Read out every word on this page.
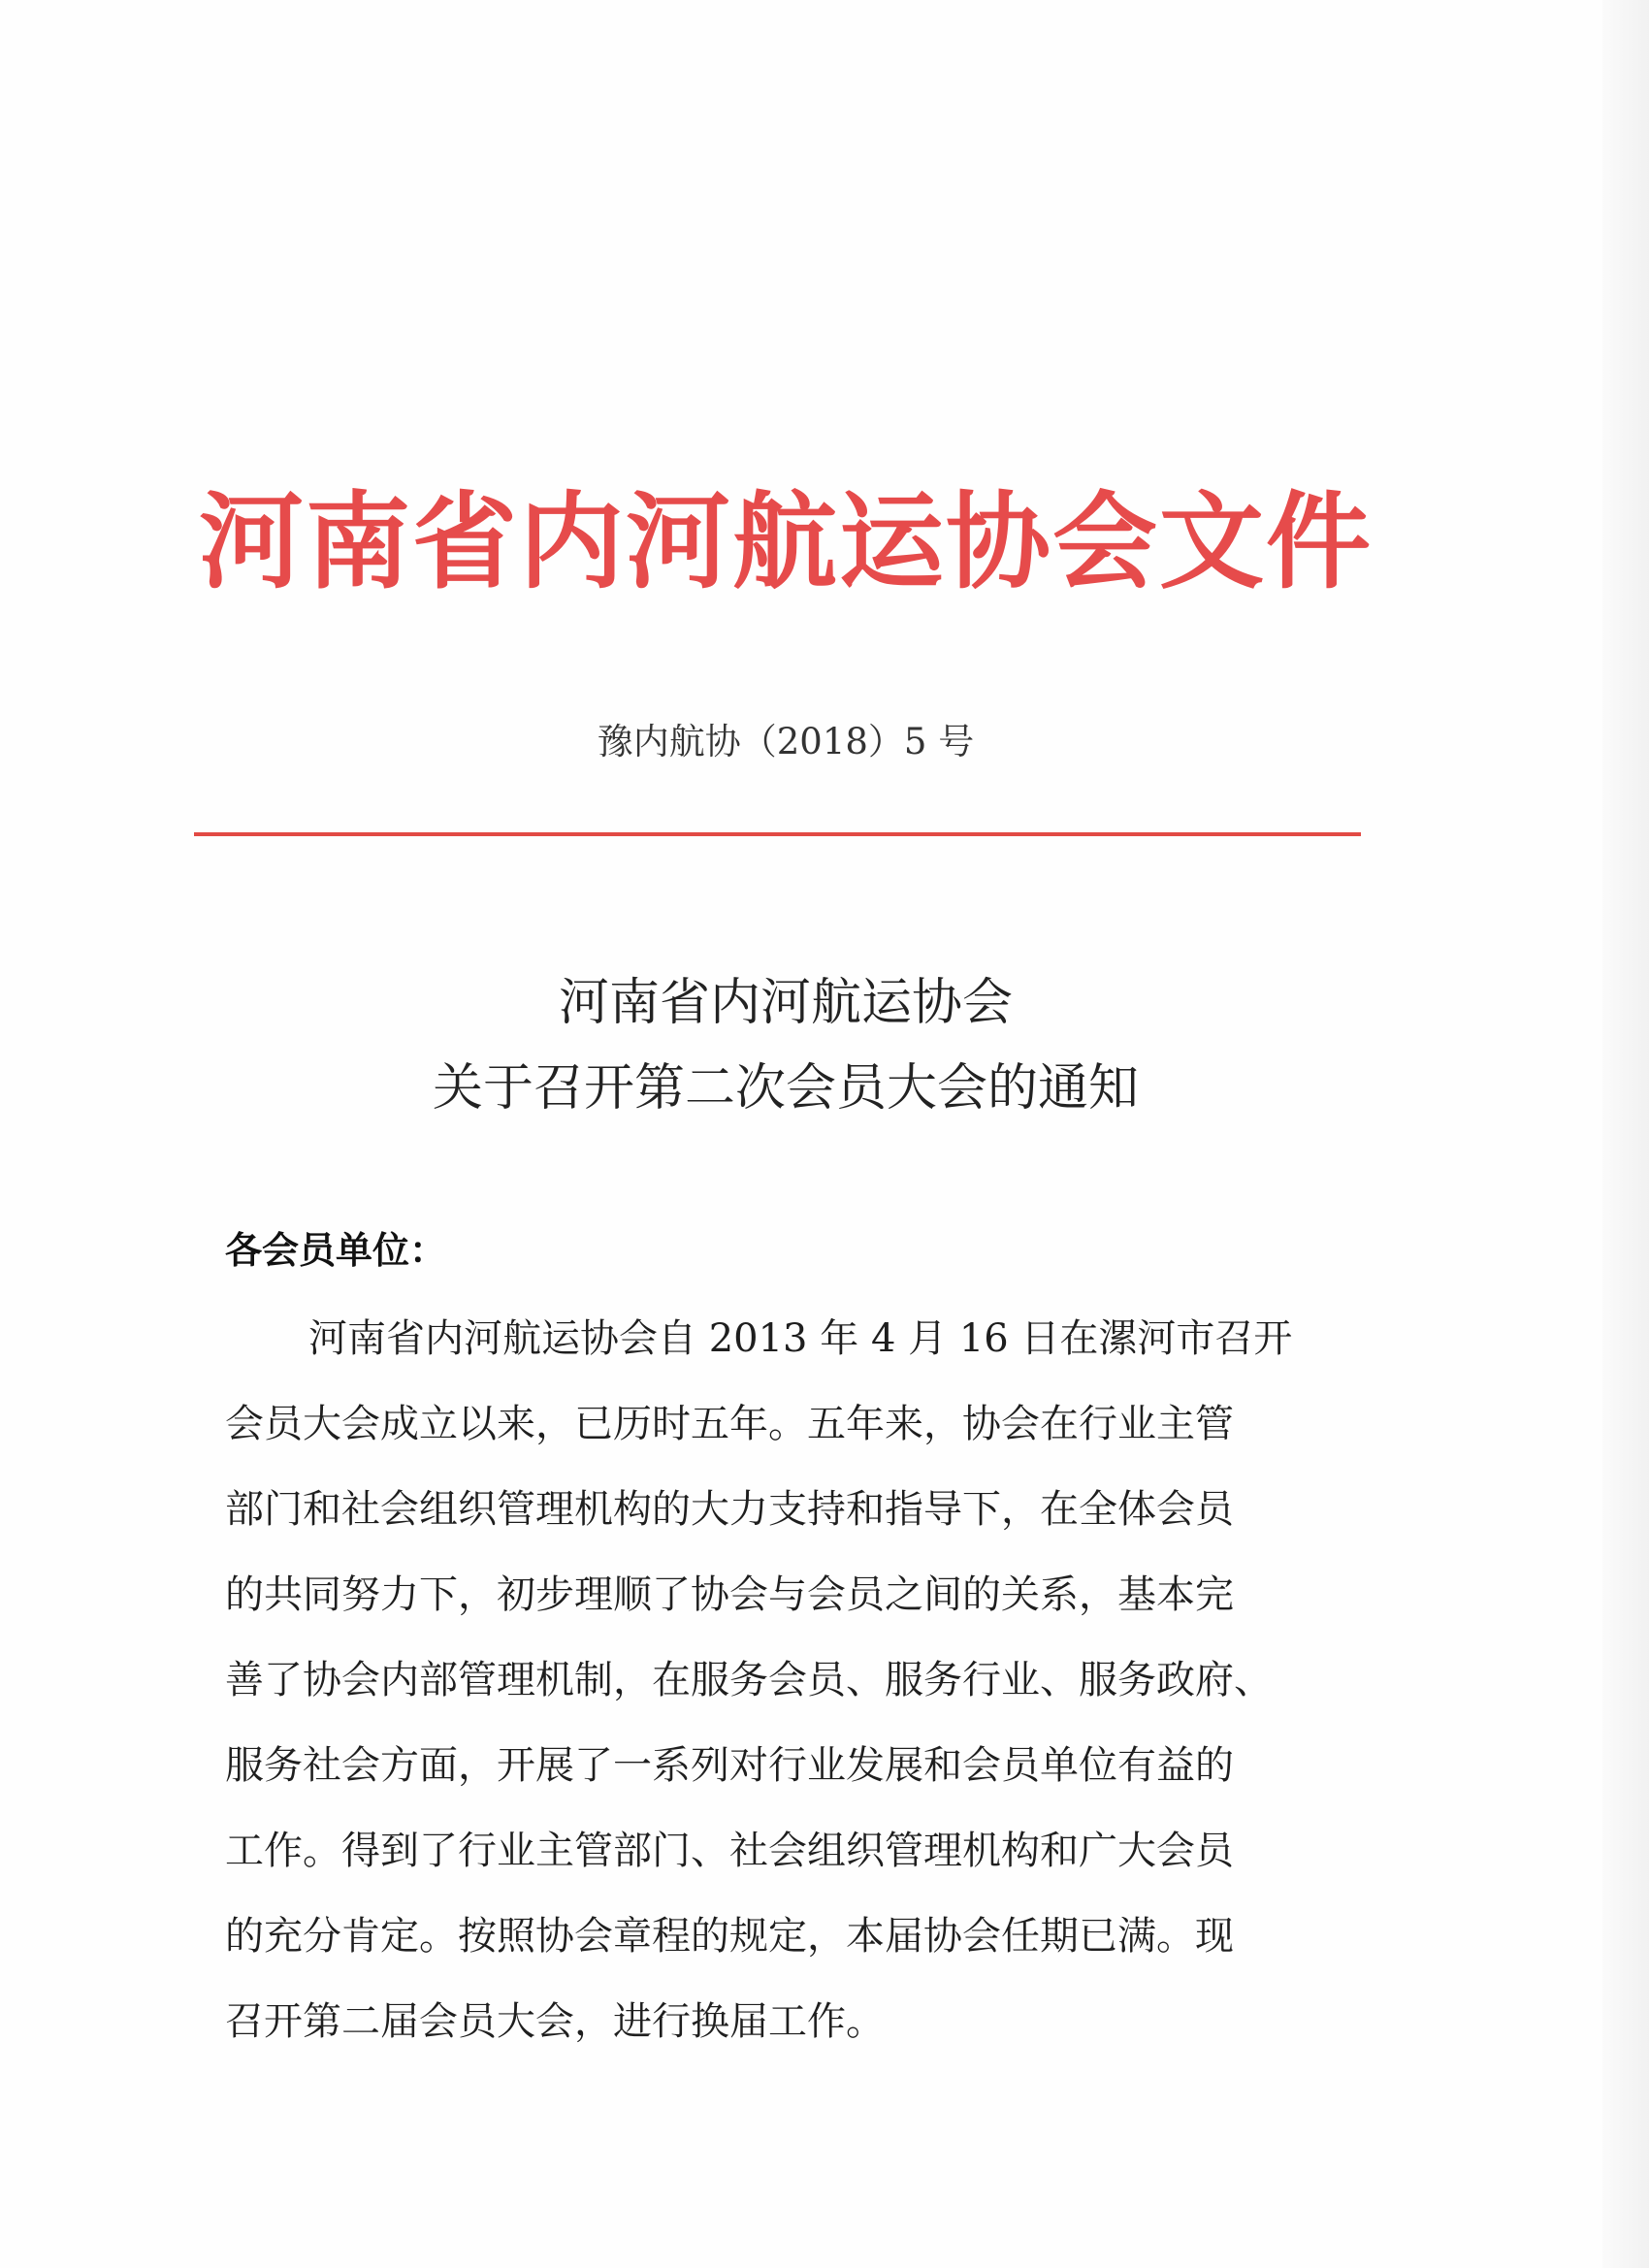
河南省内河航运协会文件
豫内航协（2018）5 号
河南省内河航运协会
关于召开第二次会员大会的通知
各会员单位：
河南省内河航运协会自 2013 年 4 月 16 日在漯河市召开
会员大会成立以来，已历时五年。五年来，协会在行业主管
部门和社会组织管理机构的大力支持和指导下，在全体会员
的共同努力下，初步理顺了协会与会员之间的关系，基本完
善了协会内部管理机制，在服务会员、服务行业、服务政府、
服务社会方面，开展了一系列对行业发展和会员单位有益的
工作。得到了行业主管部门、社会组织管理机构和广大会员
的充分肯定。按照协会章程的规定，本届协会任期已满。现
召开第二届会员大会，进行换届工作。
